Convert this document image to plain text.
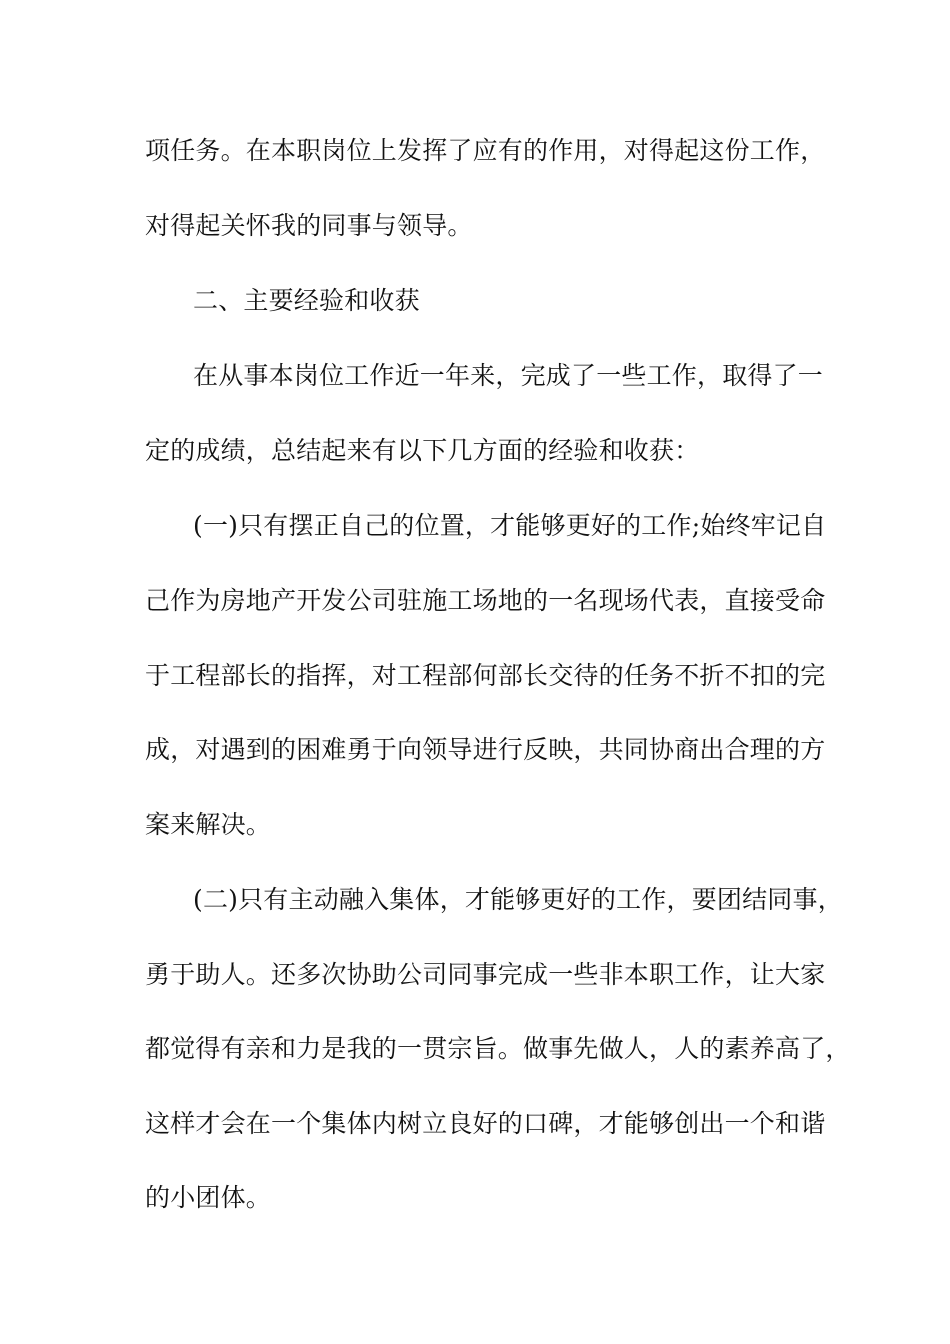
项任务。在本职岗位上发挥了应有的作用，对得起这份工作，
对得起关怀我的同事与领导。
二、主要经验和收获
在从事本岗位工作近一年来，完成了一些工作，取得了一
定的成绩，总结起来有以下几方面的经验和收获：
(一)只有摆正自己的位置，才能够更好的工作;始终牢记自
己作为房地产开发公司驻施工场地的一名现场代表，直接受命
于工程部长的指挥，对工程部何部长交待的任务不折不扣的完
成，对遇到的困难勇于向领导进行反映，共同协商出合理的方
案来解决。
(二)只有主动融入集体，才能够更好的工作，要团结同事，
勇于助人。还多次协助公司同事完成一些非本职工作，让大家
都觉得有亲和力是我的一贯宗旨。做事先做人，人的素养高了，
这样才会在一个集体内树立良好的口碑，才能够创出一个和谐
的小团体。
